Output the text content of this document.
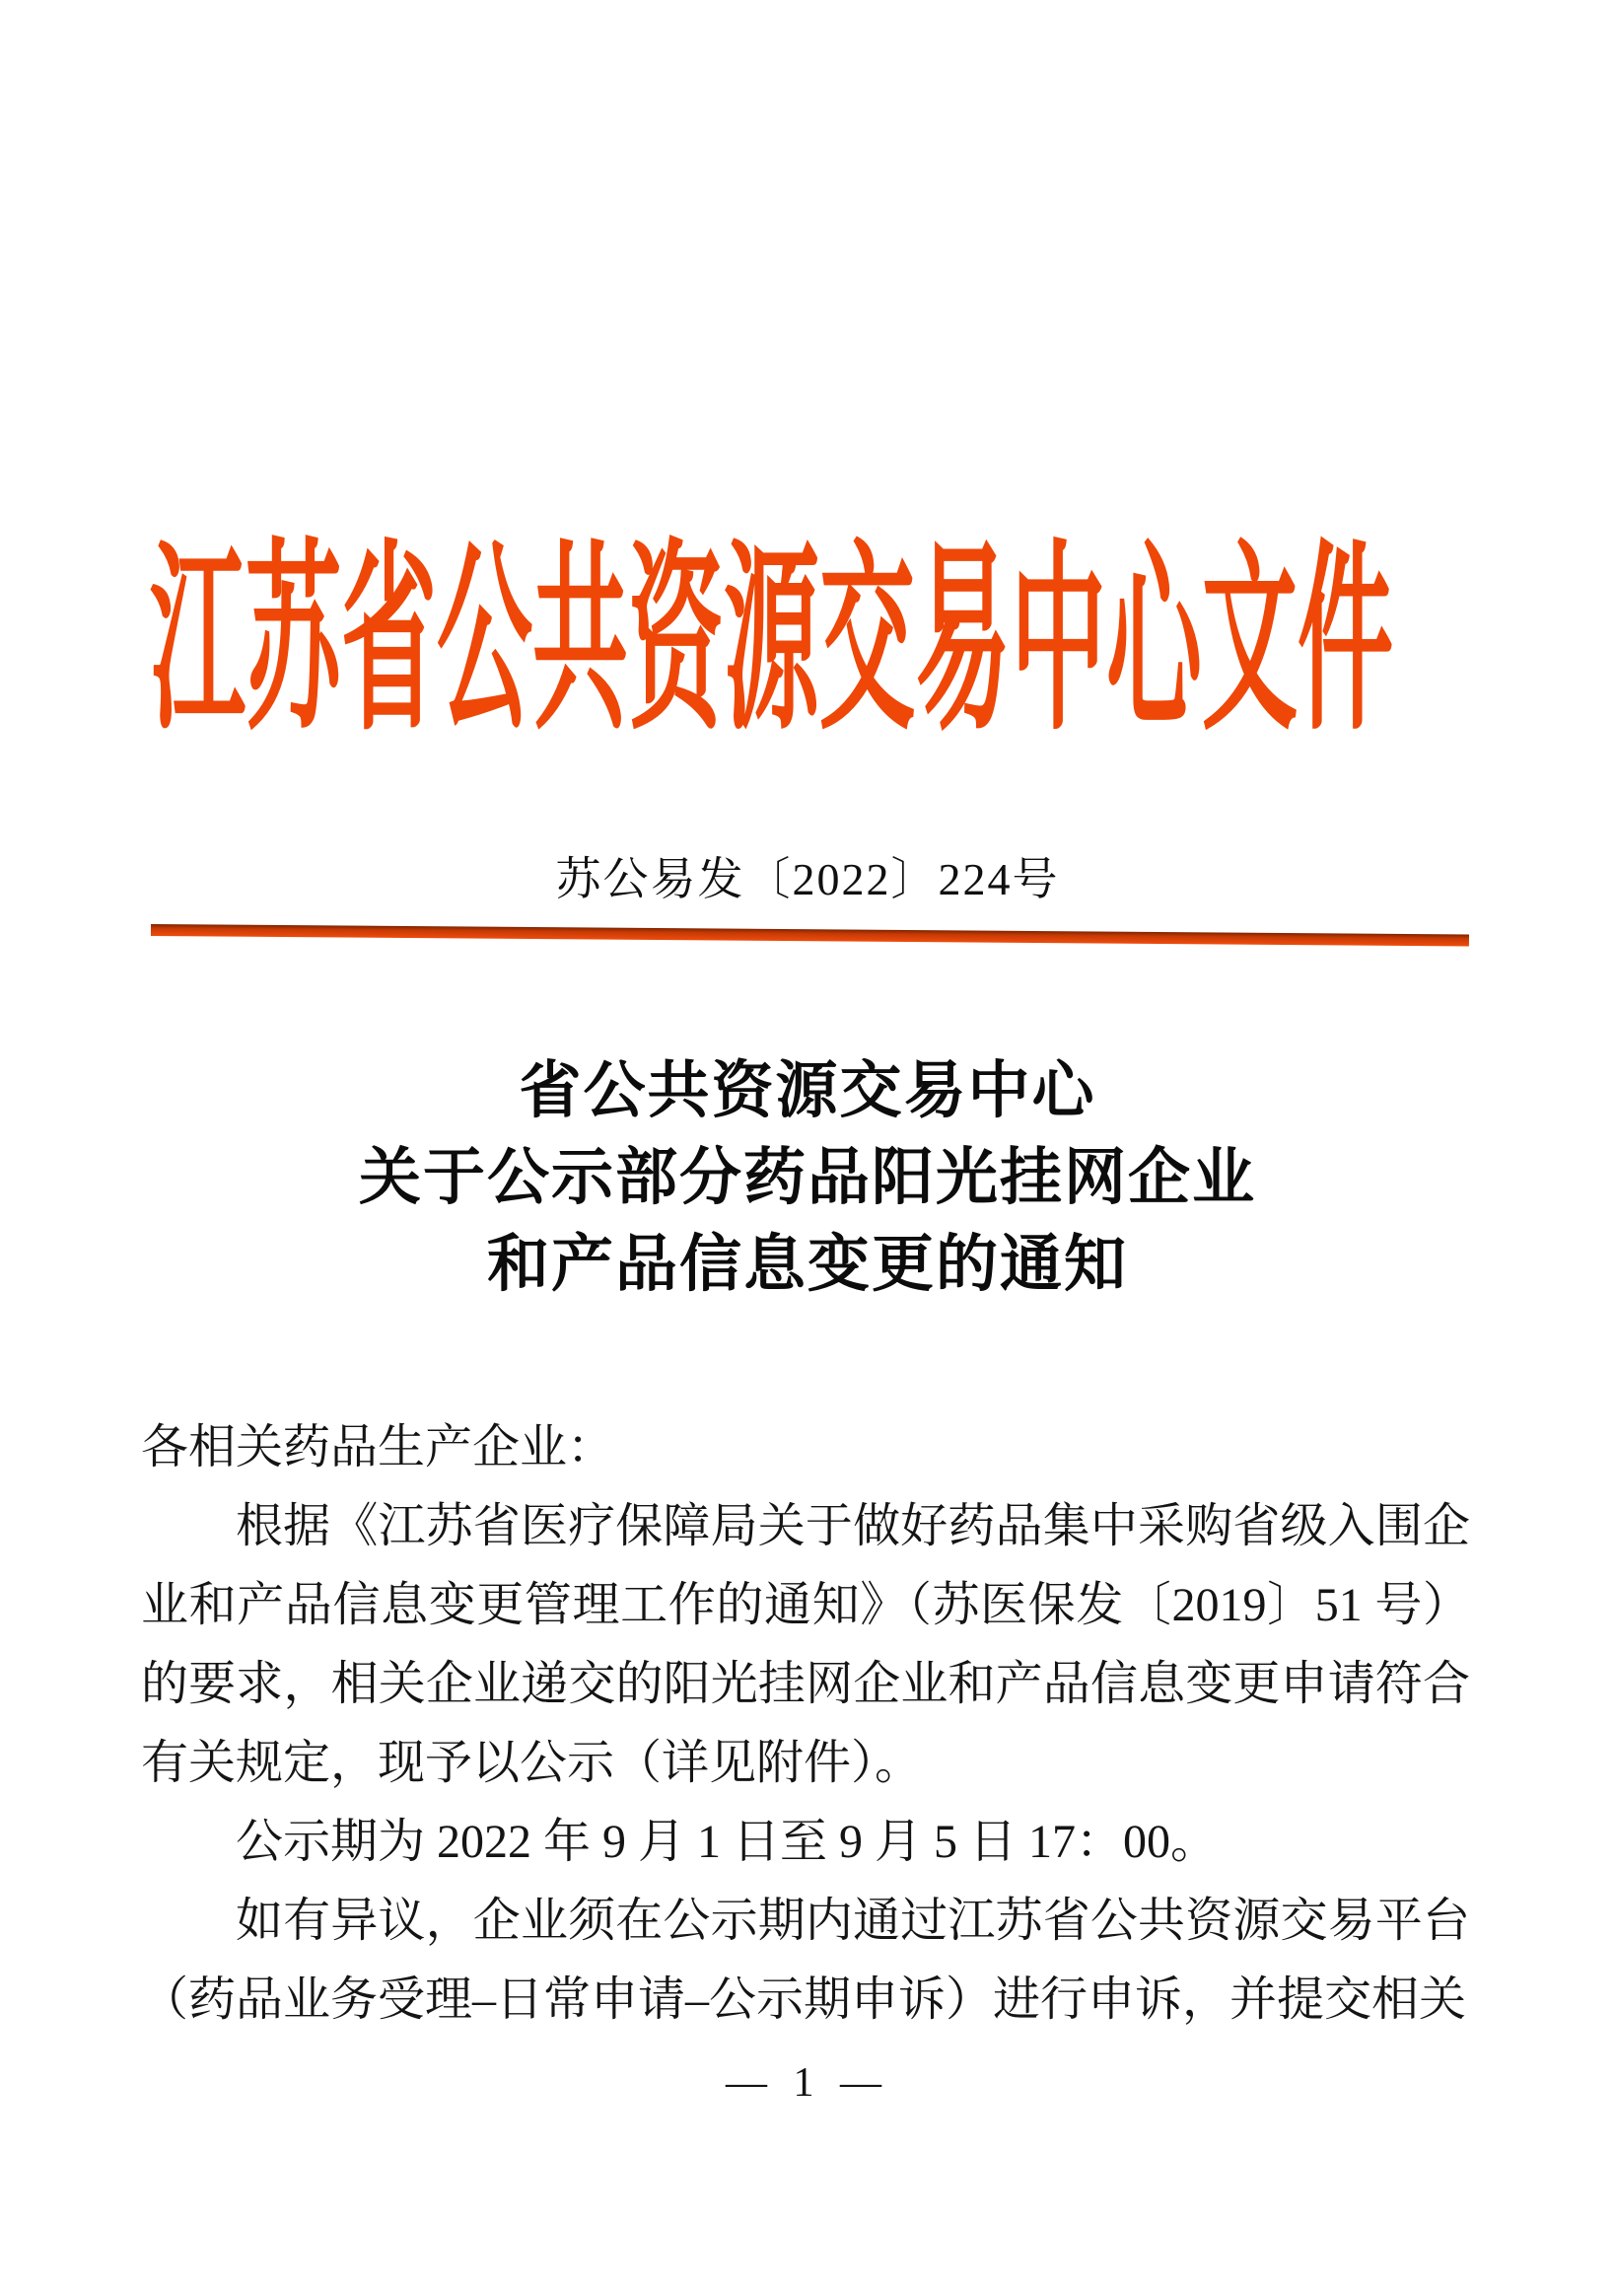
江苏省公共资源交易中心文件
苏公易发〔2022〕224号
省公共资源交易中心
关于公示部分药品阳光挂网企业
和产品信息变更的通知

各相关药品生产企业：

根据《江苏省医疗保障局关于做好药品集中采购省级入围企业和产品信息变更管理工作的通知》（苏医保发〔2019〕51 号）的要求，相关企业递交的阳光挂网企业和产品信息变更申请符合有关规定，现予以公示（详见附件）。

公示期为 2022 年 9 月 1 日至 9 月 5 日 17：00。

如有异议，企业须在公示期内通过江苏省公共资源交易平台（药品业务受理–日常申请–公示期申诉）进行申诉，并提交相关

— 1 —
